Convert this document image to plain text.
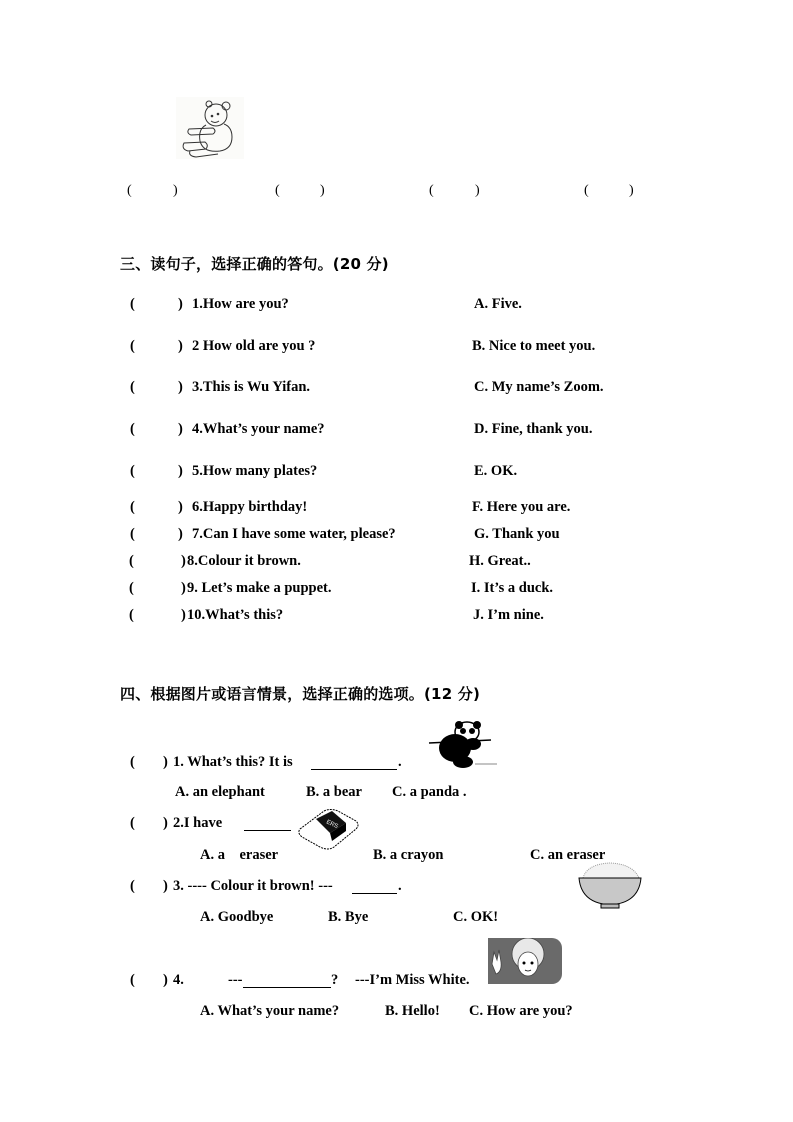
(	)	(	)	(	)	(	)
三、读句子，选择正确的答句。(20 分)
(	) 1.How are you?	A. Five.
(	) 2 How old are you ?	B. Nice to meet you.
(	) 3.This is Wu Yifan.	C. My name’s Zoom.
(	) 4.What’s your name?	D. Fine, thank you.
(	) 5.How many plates?	E. OK.
(	) 6.Happy birthday!	F. Here you are.
(	) 7.Can I have some water, please?	G. Thank you
(	) 8.Colour it brown.	H. Great..
(	) 9. Let’s make a puppet.	I. It’s a duck.
(	) 10.What’s this?	J. I’m nine.
四、根据图片或语言情景，选择正确的选项。(12 分)
( ) 1. What’s this? It is	.
A. an elephant	B. a bear C. a panda .
( ) 2.I have	ERS
A. a    eraser	B. a crayon	C. an eraser
( ) 3. ---- Colour it brown! ---	.
A. Goodbye	B. Bye	C. OK!
( ) 4.	---	? ---I’m Miss White.
A. What’s your name?	B. Hello! C. How are you?
